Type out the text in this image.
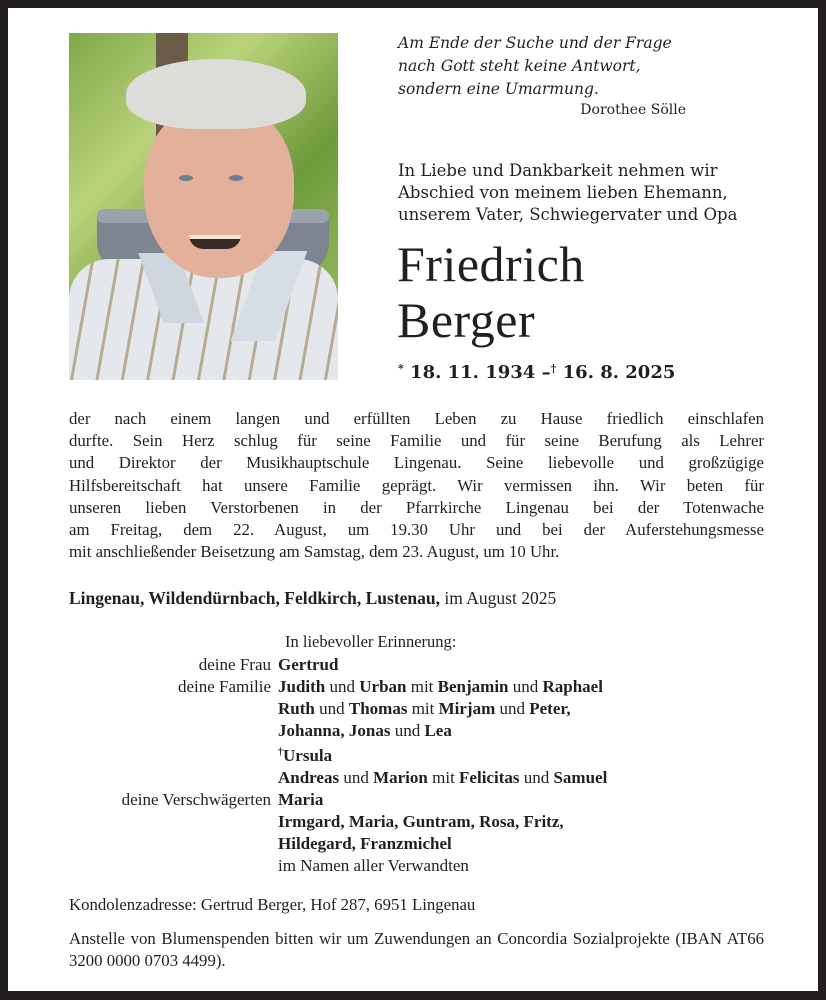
Am Ende der Suche und der Frage
nach Gott steht keine Antwort,
sondern eine Umarmung.
Dorothee Sölle
In Liebe und Dankbarkeit nehmen wir
Abschied von meinem lieben Ehemann,
unserem Vater, Schwiegervater und Opa
Friedrich
Berger
* 18. 11. 1934 –† 16. 8. 2025
der nach einem langen und erfüllten Leben zu Hause friedlich einschlafen
durfte. Sein Herz schlug für seine Familie und für seine Berufung als Lehrer
und Direktor der Musikhauptschule Lingenau. Seine liebevolle und großzügige
Hilfsbereitschaft hat unsere Familie geprägt. Wir vermissen ihn. Wir beten für
unseren lieben Verstorbenen in der Pfarrkirche Lingenau bei der Totenwache
am Freitag, dem 22. August, um 19.30 Uhr und bei der Auferstehungsmesse
mit anschließender Beisetzung am Samstag, dem 23. August, um 10 Uhr.
Lingenau, Wildendürnbach, Feldkirch, Lustenau, im August 2025
In liebevoller Erinnerung:
deine Frau Gertrud
deine Familie Judith und Urban mit Benjamin und Raphael
Ruth und Thomas mit Mirjam und Peter,
Johanna, Jonas und Lea
†Ursula
Andreas und Marion mit Felicitas und Samuel
deine Verschwägerten Maria
Irmgard, Maria, Guntram, Rosa, Fritz,
Hildegard, Franzmichel
im Namen aller Verwandten
Kondolenzadresse: Gertrud Berger, Hof 287, 6951 Lingenau
Anstelle von Blumenspenden bitten wir um Zuwendungen an Concordia Sozialprojekte (IBAN AT66 3200 0000 0703 4499).
